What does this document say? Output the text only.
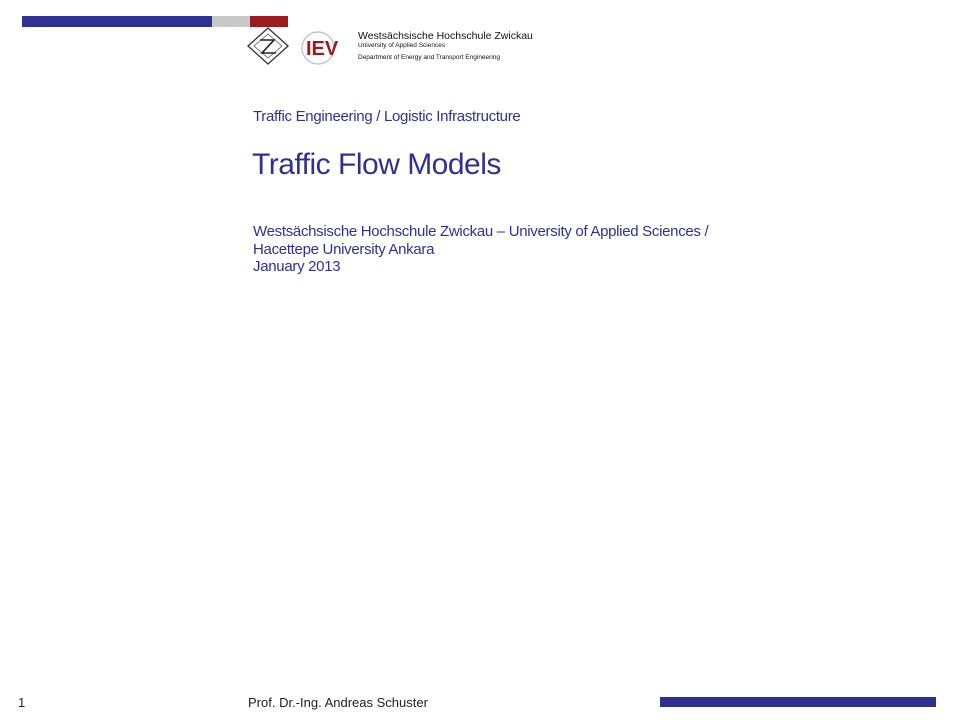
IEV
Westsächsische Hochschule Zwickau
University of Applied Sciences
Department of Energy and Transport Engineering
Traffic Engineering / Logistic Infrastructure
Traffic Flow Models
Westsächsische Hochschule Zwickau – University of Applied Sciences /
Hacettepe University Ankara
January 2013
1	Prof. Dr.-Ing. Andreas Schuster
